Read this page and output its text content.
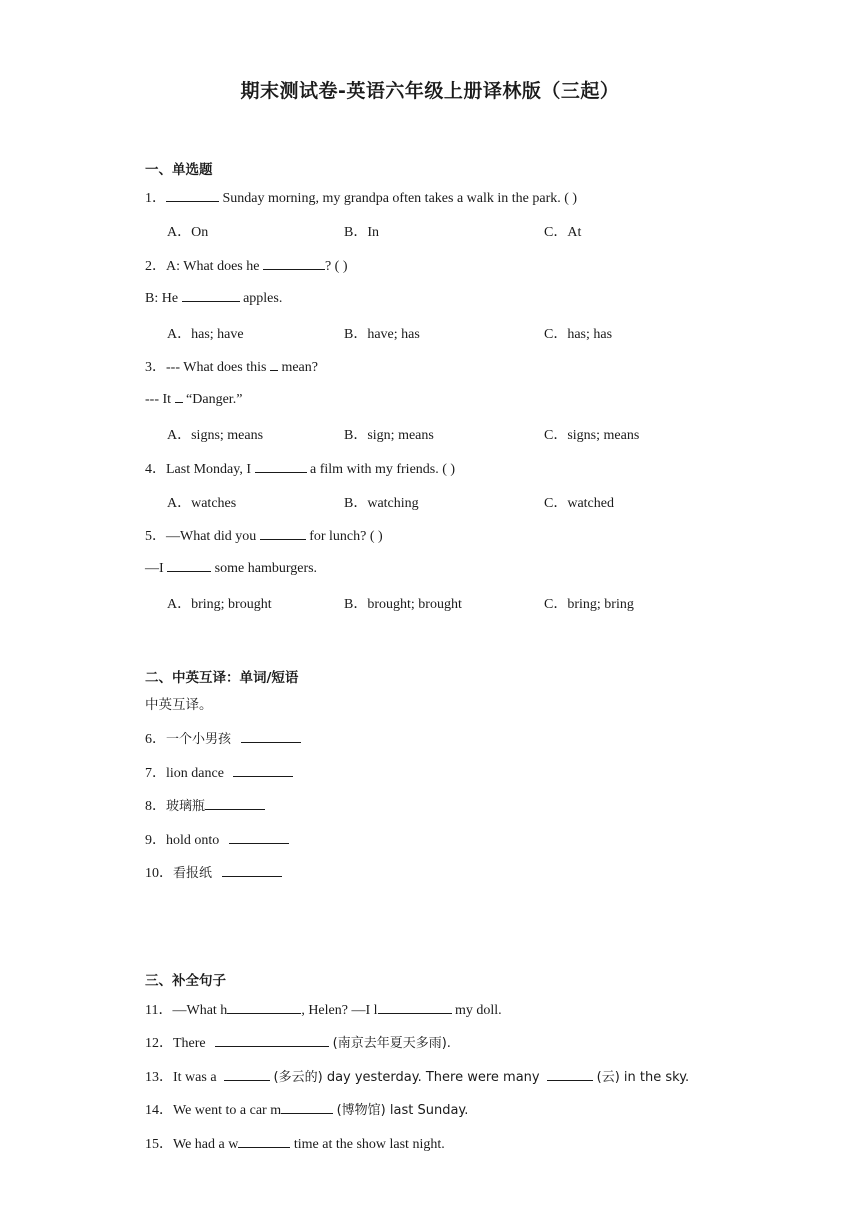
期末测试卷-英语六年级上册译林版（三起）
一、单选题
1．	Sunday morning, my grandpa often takes a walk in the park. ( )
A．On	B．In	C．At
2．A: What does he	? ( )
B: He	apples.
A．has; have	B．have; has	C．has; has
3．--- What does this mean?
--- It “Danger.”
A．signs; means	B．sign; means	C．signs; means
4．Last Monday, I	a film with my friends. ( )
A．watches	B．watching	C．watched
5．—What did you	for lunch? ( )
—I	some hamburgers.
A．bring; brought	B．brought; brought	C．bring; bring
二、中英互译：单词/短语
中英互译。
6．一个小男孩
7．lion dance
8．玻璃瓶
9．hold onto
10．看报纸
三、补全句子
11．—What h	, Helen? —I l	my doll.
12．There	(南京去年夏天多雨).
13．It was a	(多云的) day yesterday. There were many	(云) in the sky.
14．We went to a car m	(博物馆) last Sunday.
15．We had a w	time at the show last night.
